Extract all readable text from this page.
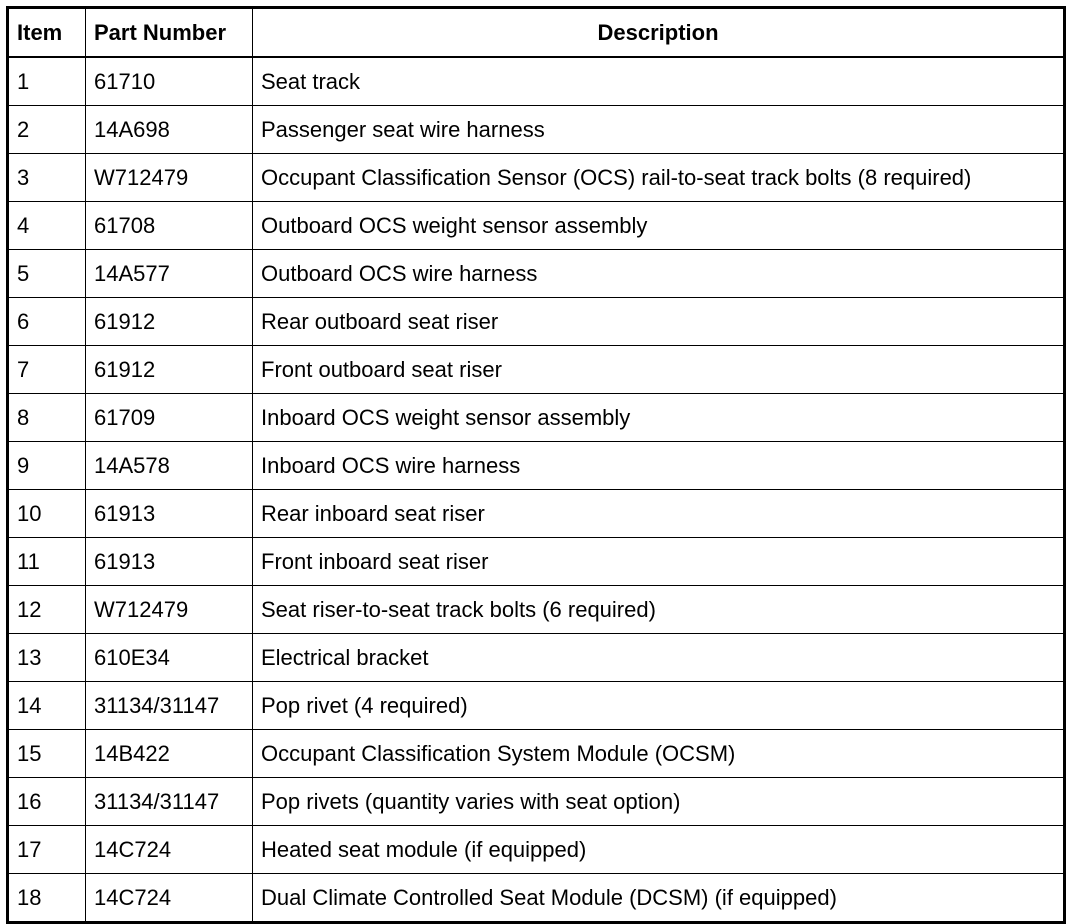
Item	Part Number	Description
1	61710	Seat track
2	14A698	Passenger seat wire harness
3	W712479	Occupant Classification Sensor (OCS) rail-to-seat track bolts (8 required)
4	61708	Outboard OCS weight sensor assembly
5	14A577	Outboard OCS wire harness
6	61912	Rear outboard seat riser
7	61912	Front outboard seat riser
8	61709	Inboard OCS weight sensor assembly
9	14A578	Inboard OCS wire harness
10	61913	Rear inboard seat riser
11	61913	Front inboard seat riser
12	W712479	Seat riser-to-seat track bolts (6 required)
13	610E34	Electrical bracket
14	31134/31147	Pop rivet (4 required)
15	14B422	Occupant Classification System Module (OCSM)
16	31134/31147	Pop rivets (quantity varies with seat option)
17	14C724	Heated seat module (if equipped)
18	14C724	Dual Climate Controlled Seat Module (DCSM) (if equipped)
